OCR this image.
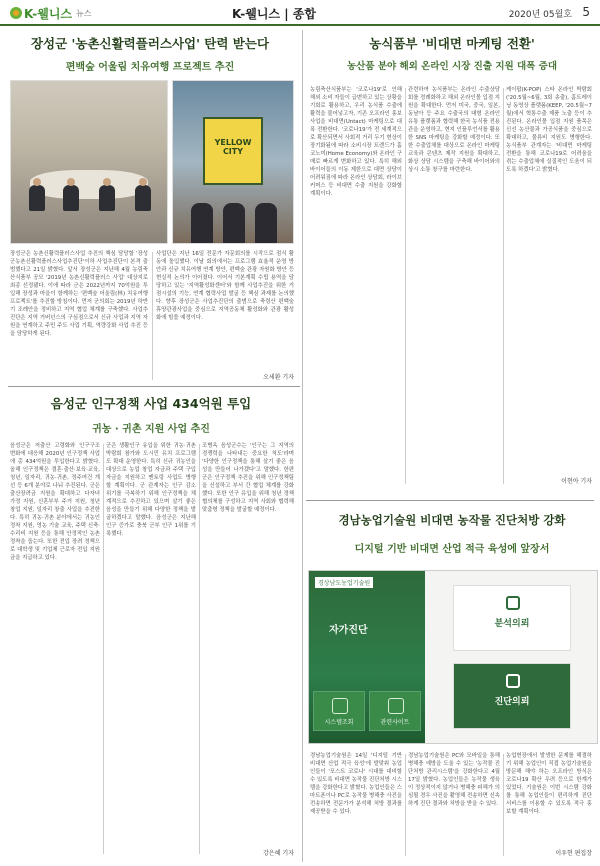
K-웰니스 뉴스	K-웰니스 | 종합	2020년 05월호 5
장성군 '농촌신활력플러스사업' 탄력 받는다
편백숲 어울림 치유여행 프로젝트 추진
YELLOW CITY
장성군은 농촌신활력플러스사업 추진의 핵심 담당할 '장성군농촌신활력플러스사업추진단'이하 사업추진단이 본격 출범했다고 21일 밝혔다. 앞서 장성군은 지난해 4월 농림축산식품부 공모 '2019년 농촌신활력플러스 사업' 대상지로 최종 선정됐다. 이에 따라 군은 2022년까지 70억원을 투입해 장성과 마을이 함께하는 '편백숲 어울림(林) 치유여행 프로젝트'를 추진할 방침이다. 먼저 군의회는 2019년 하반기 조례안을 정비하고 지역 협업 체계를 구축했다. 사업추진단은 지역 거버넌스의 구심점으로서 신규 사업과 지역 자원을 연계하고 주민 주도 사업 기획, 역량강화 사업 추진 등을 담당하게 된다.
사업단은 지난 16일 전문가 자문회의를 시작으로 점식 활동에 돌입했다. 이날 회의에서는 프로그램 효율적 운영 방안과 신규 치유여행 연계 방안, 편백숲 관광 자원화 방안 등 현실적 논의가 이어졌다. 이어서 기본계획 수립 용역을 담당하고 있는 '지역활성화센터'와 함께 사업추진을 위한 거점시설의 기능, 연계 협력사업 발굴 등 핵심 과제를 논의했다. 향후 장성군은 사업추진단의 출범으로 축령산 편백숲 휴양관광사업을 중심으로 지역공동체 활성화와 관광 활성화에 힘쓸 예정이다.
오세환 기자
음성군 인구정책 사업 434억원 투입
귀농 · 귀촌 지원 사업 추진
음성군은 저출산 고령화와 인구구조 변화에 대응해 2020년 인구정책 사업에 총 434억원을 투입한다고 밝혔다. 올해 인구정책은 결혼·출산·보육·교육, 청년, 일자리, 귀농·귀촌, 정주여건 개선 등 6개 분야로 나눠 추진된다. 군은 출산장려금 지원을 확대하고 다자녀 가정 지원, 신혼부부 주거 지원, 청년 창업 지원, 일자리 창출 사업을 추진한다. 특히 귀농·귀촌 분야에서는 귀농인 정착 지원, 영농 기술 교육, 주택 신축·수리비 지원 등을 통해 안정적인 농촌 정착을 돕는다. 또한 전입 장려 정책으로 대학생 및 기업체 근로자 전입 지원금을 지급하고 있다.
군은 생활인구 유입을 위한 귀농·귀촌 박람회 참가와 도시민 유치 프로그램도 확대 운영한다. 특히 신규 귀농인을 대상으로 농업 창업 자금과 주택 구입 자금을 지원하고 멘토링 사업도 병행할 계획이다. 군 관계자는 인구 감소 위기를 극복하기 위해 인구정책을 체계적으로 추진하고 있으며 살기 좋은 음성을 만들기 위해 다양한 정책을 발굴하겠다고 말했다. 음성군은 지난해 인구 증가로 충북 군부 인구 1위를 기록했다.
조병옥 음성군수는 '인구는 그 지역의 경쟁력을 나타내는 중요한 척도'라며 '다양한 인구정책을 통해 살기 좋은 음성을 만들어 나가겠다'고 말했다. 한편 군은 인구정책 추진을 위해 인구정책팀을 신설하고 부서 간 협업 체계를 강화했다. 또한 인구 유입을 위해 청년 정책 협의체를 구성하고 지역 사회와 협력해 맞춤형 정책을 발굴할 예정이다.
강은혜 기자
농식품부 '비대면 마케팅 전환'
농산품 분야 해외 온라인 시장 진출 지원 대폭 증대
농림축산식품부는 '코로나19'로 인해 해외 소비 자들이 급변하고 있는 상황을 기회로 활용하고, 우리 농식품 수출에 활력을 불어넣고자, 기존 오프라인 홍보사업을 비대면(Untact) 마케팅으로 대폭 전환한다. '코로나19'가 전 세계적으로 확산되면서 사회적 거리 두기 현상이 장기화됨에 따라 소비시장 트렌드가 홈코노미(Home Economy)와 온라인 구매로 빠르게 변화하고 있다. 특히 해외 바이어들의 이동 제한으로 대면 상담이 어려워짐에 따라 온라인 상담회, 라이브 커머스 등 비대면 수출 지원을 강화할 계획이다.
관련하여 농식품부는 온라인 수출상담회를 정례화하고 해외 온라인몰 입점 지원을 확대한다. 먼저 미국, 중국, 일본, 동남아 등 주요 수출국의 대형 온라인 유통 플랫폼과 협력해 한국 농식품 전용관을 운영하고, 현지 인플루언서를 활용한 SNS 마케팅을 강화할 예정이다. 또한 수출업체를 대상으로 온라인 마케팅 교육과 콘텐츠 제작 지원을 확대하고, 화상 상담 시스템을 구축해 바이어와의 상시 소통 창구를 마련한다.
케이팝(K-POP) 스타 온라인 박람회('20.5월~6월, 3회 송출), 홈트레이닝 동영상 플랫폼(KEEP, '20.5월~7월)에서 혁통수출 제품 노출 등이 추진된다. 온라인몰 입점 지원 품목은 신선 농산물과 가공식품을 중심으로 확대하고, 물류비 지원도 병행한다. 농식품부 관계자는 '비대면 마케팅 전환을 통해 코로나19로 어려움을 겪는 수출업체에 실질적인 도움이 되도록 하겠다'고 밝혔다.
이현아 기자
경남농업기술원 비대면 농작물 진단처방 강화
디지털 기반 비대면 산업 적극 육성에 앞장서
경상남도농업기술원
자가진단
시스템조회	관련사이트
분석의뢰
진단의뢰
경남농업기술원은 14일 '디지털 기반 비대면 산업 적극 육성'에 발맞춰 농업인들이 '포스트 코로나' 시대를 대비할 수 있도록 비대면 농작물 진단처방 시스템을 강화한다고 밝혔다. 농업인들은 스마트폰이나 PC로 농작물 병해충 사진을 전송하면 전문가가 분석해 처방 결과를 제공받을 수 있다.
경남농업기술원은 PC와 모바일을 통해 병해충 예방을 도울 수 있는 '농작물 진단처방 관리시스템'을 강화한다고 4월 17일 밝혔다. 농업인들은 농작물 생육이 정상적이지 않거나 병해충 피해가 의심될 경우 사진을 촬영해 전송하면 신속하게 진단 결과와 처방을 받을 수 있다.
농업현장에서 발생한 문제를 해결하기 위해 농업인이 직접 농업기술원을 방문해 해야 하는 오프라인 방식은 코로나19 확산 우려 등으로 한계가 있었다. 기술원은 이번 시스템 강화를 통해 농업인들이 편리하게 진단 서비스를 이용할 수 있도록 적극 홍보할 계획이다.
이우현 편집장
